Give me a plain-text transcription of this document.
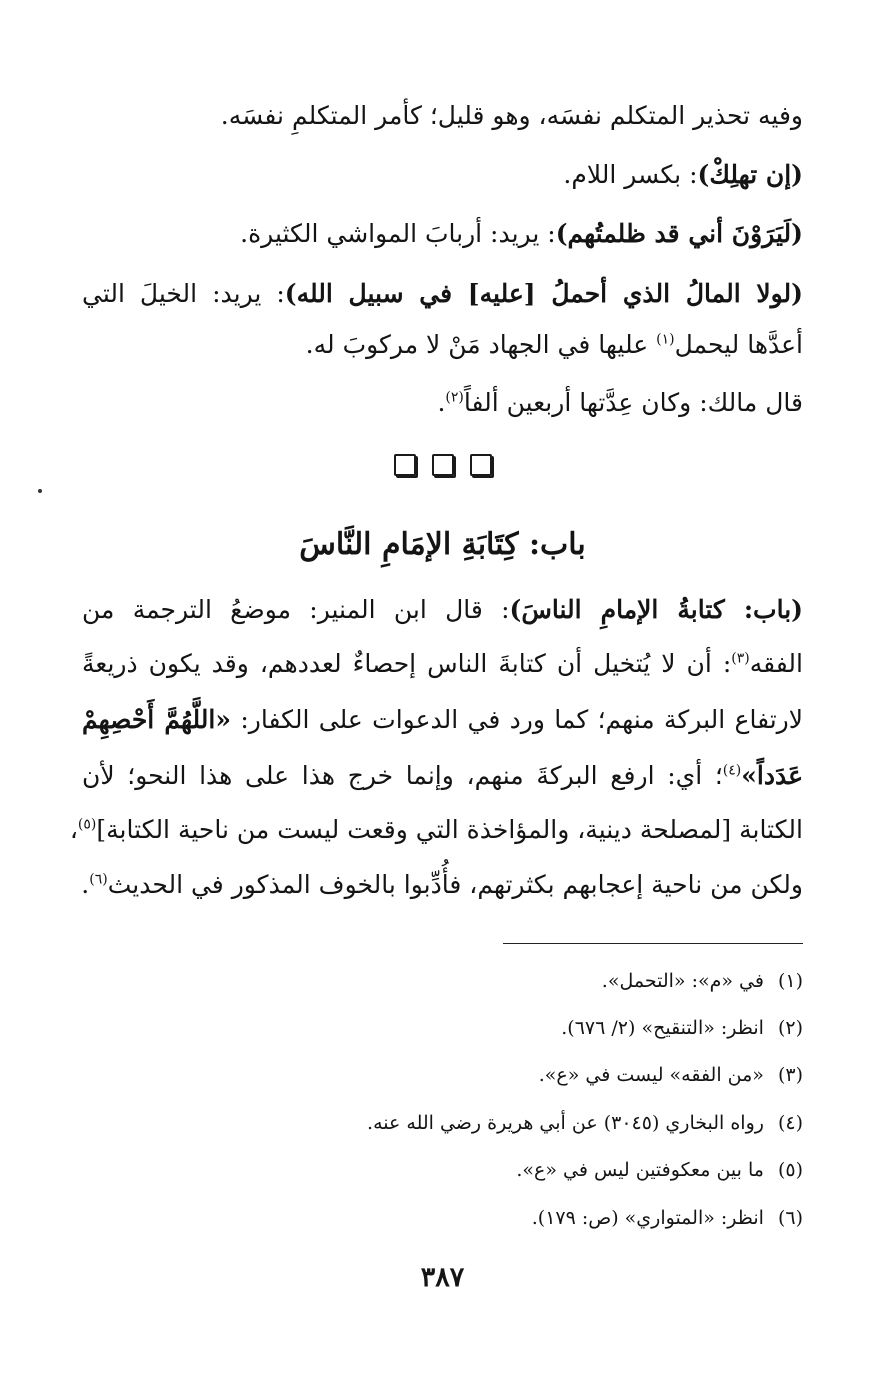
وفيه تحذير المتكلم نفسَه، وهو قليل؛ كأمر المتكلمِ نفسَه.
(إن تهلِكْ): بكسر اللام.
(لَيَرَوْنَ أني قد ظلمتُهم): يريد: أربابَ المواشي الكثيرة.
(لولا المالُ الذي أحملُ [عليه] في سبيل الله): يريد: الخيلَ التي
أعدَّها ليحمل$^{(١)}$ عليها في الجهاد مَنْ لا مركوبَ له.
قال مالك: وكان عِدَّتها أربعين ألفاً$^{(٢)}$.
باب: كِتَابَةِ الإمَامِ النَّاسَ
(باب: كتابةُ الإمامِ الناسَ): قال ابن المنير: موضعُ الترجمة من
الفقه$^{(٣)}$: أن لا يُتخيل أن كتابةَ الناس إحصاءٌ لعددهم، وقد يكون ذريعةً
لارتفاع البركة منهم؛ كما ورد في الدعوات على الكفار: «اللَّهُمَّ أَحْصِهِمْ
عَدَداً»$^{(٤)}$؛ أي: ارفع البركةَ منهم، وإنما خرج هذا على هذا النحو؛ لأن
الكتابة [لمصلحة دينية، والمؤاخذة التي وقعت ليست من ناحية الكتابة]$^{(٥)}$،
ولكن من ناحية إعجابهم بكثرتهم، فأُدِّبوا بالخوف المذكور في الحديث$^{(٦)}$.
(١)في «م»: «التحمل».
(٢)انظر: «التنقيح» (٢/ ٦٧٦).
(٣)«من الفقه» ليست في «ع».
(٤)رواه البخاري (٣٠٤٥) عن أبي هريرة رضي الله عنه.
(٥)ما بين معكوفتين ليس في «ع».
(٦)انظر: «المتواري» (ص: ١٧٩).
٣٨٧
